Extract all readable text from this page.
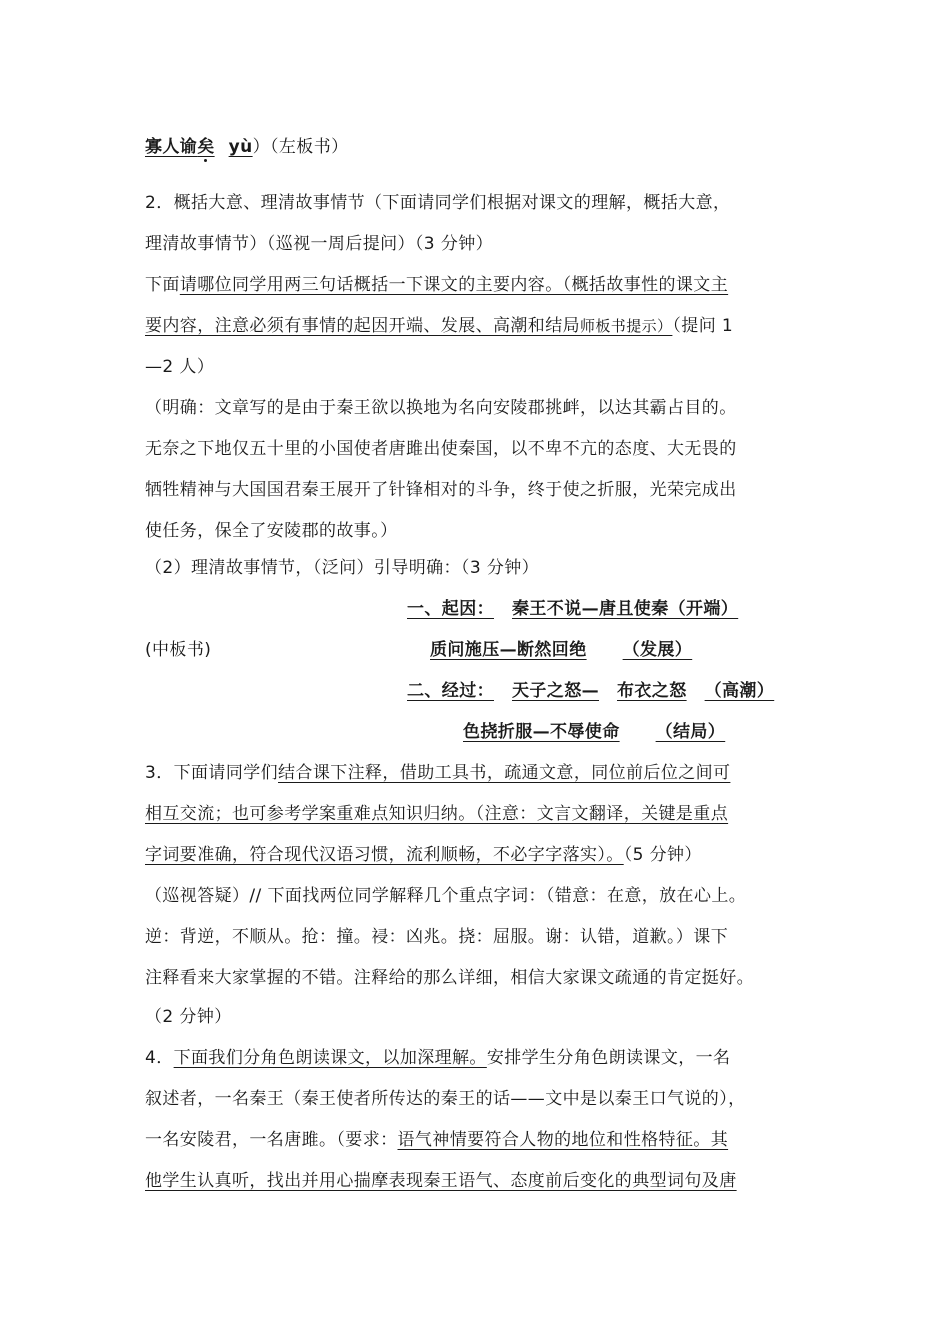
寡人谕矣 yù）（左板书）
2．概括大意、理清故事情节（下面请同学们根据对课文的理解，概括大意，
理清故事情节）（巡视一周后提问）（3 分钟）
下面请哪位同学用两三句话概括一下课文的主要内容。（概括故事性的课文主
要内容，注意必须有事情的起因开端、发展、高潮和结局师板书提示）（提问 1
—2 人）
（明确：文章写的是由于秦王欲以换地为名向安陵郡挑衅，以达其霸占目的。
无奈之下地仅五十里的小国使者唐雎出使秦国，以不卑不亢的态度、大无畏的
牺牲精神与大国国君秦王展开了针锋相对的斗争，终于使之折服，光荣完成出
使任务，保全了安陵郡的故事。）
（2）理清故事情节，（泛问）引导明确：（3 分钟）
一、起因： 秦王不说—唐且使秦（开端）
(中板书)	质问施压—断然回绝 （发展）
二、经过： 天子之怒— 布衣之怒 （高潮）
色挠折服—不辱使命 （结局）
3．下面请同学们结合课下注释，借助工具书，疏通文意，同位前后位之间可
相互交流；也可参考学案重难点知识归纳。（注意：文言文翻译，关键是重点
字词要准确，符合现代汉语习惯，流利顺畅，不必字字落实）。（5 分钟）
（巡视答疑）// 下面找两位同学解释几个重点字词：（错意：在意，放在心上。
逆：背逆，不顺从。抢：撞。祲：凶兆。挠：屈服。谢：认错，道歉。）课下
注释看来大家掌握的不错。注释给的那么详细，相信大家课文疏通的肯定挺好。
（2 分钟）
4．下面我们分角色朗读课文，以加深理解。安排学生分角色朗读课文，一名
叙述者，一名秦王（秦王使者所传达的秦王的话——文中是以秦王口气说的），
一名安陵君，一名唐雎。（要求：语气神情要符合人物的地位和性格特征。其
他学生认真听，找出并用心揣摩表现秦王语气、态度前后变化的典型词句及唐
